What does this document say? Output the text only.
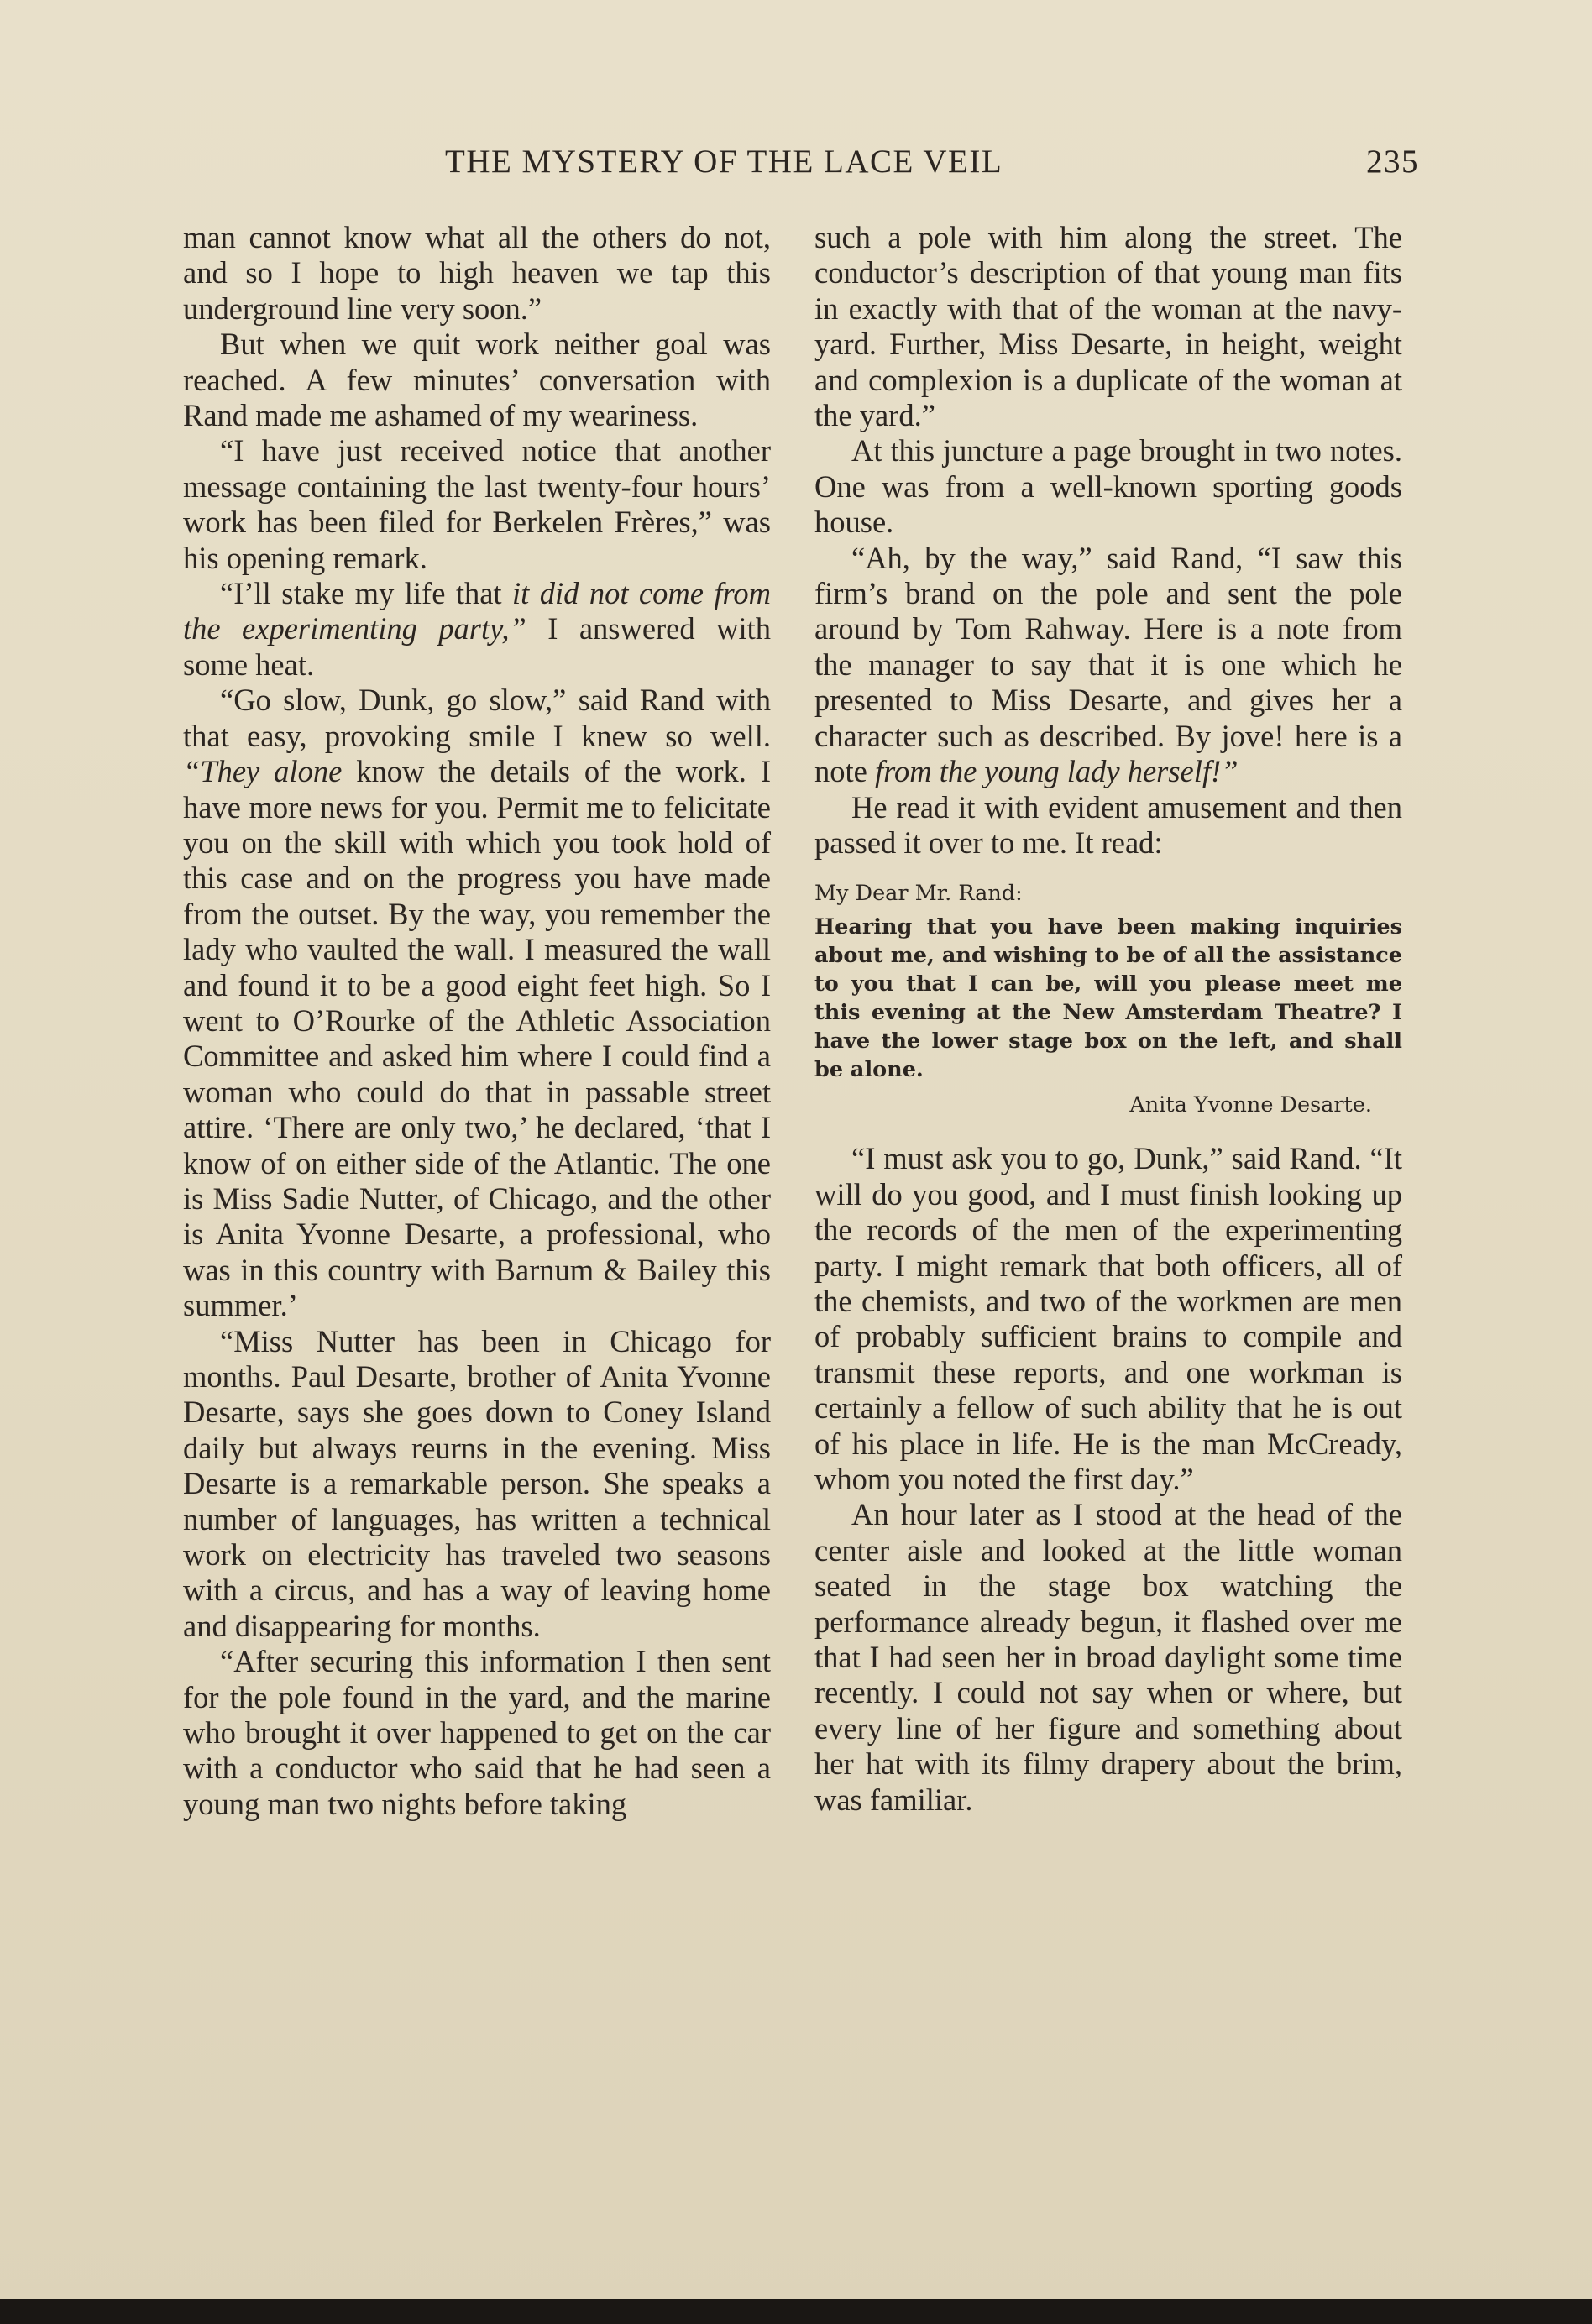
THE MYSTERY OF THE LACE VEIL	235

man cannot know what all the others do not, and so I hope to high heaven we tap this underground line very soon.”

But when we quit work neither goal was reached. A few minutes’ conversation with Rand made me ashamed of my weariness.

“I have just received notice that another message containing the last twenty-four hours’ work has been filed for Berkelen Frères,” was his opening remark.

“I’ll stake my life that it did not come from the experimenting party,” I answered with some heat.

“Go slow, Dunk, go slow,” said Rand with that easy, provoking smile I knew so well. “They alone know the details of the work. I have more news for you. Permit me to felicitate you on the skill with which you took hold of this case and on the progress you have made from the outset. By the way, you remember the lady who vaulted the wall. I measured the wall and found it to be a good eight feet high. So I went to O’Rourke of the Athletic Association Committee and asked him where I could find a woman who could do that in passable street attire. ‘There are only two,’ he declared, ‘that I know of on either side of the Atlantic. The one is Miss Sadie Nutter, of Chicago, and the other is Anita Yvonne Desarte, a professional, who was in this country with Barnum & Bailey this summer.’

“Miss Nutter has been in Chicago for months. Paul Desarte, brother of Anita Yvonne Desarte, says she goes down to Coney Island daily but always reurns in the evening. Miss Desarte is a remarkable person. She speaks a number of languages, has written a technical work on electricity has traveled two seasons with a circus, and has a way of leaving home and disappearing for months.

“After securing this information I then sent for the pole found in the yard, and the marine who brought it over happened to get on the car with a conductor who said that he had seen a young man two nights before taking

such a pole with him along the street. The conductor’s description of that young man fits in exactly with that of the woman at the navy-yard. Further, Miss Desarte, in height, weight and complexion is a duplicate of the woman at the yard.”

At this juncture a page brought in two notes. One was from a well-known sporting goods house.

“Ah, by the way,” said Rand, “I saw this firm’s brand on the pole and sent the pole around by Tom Rahway. Here is a note from the manager to say that it is one which he presented to Miss Desarte, and gives her a character such as described. By jove! here is a note from the young lady herself!”

He read it with evident amusement and then passed it over to me. It read:

My Dear Mr. Rand:

Hearing that you have been making inquiries about me, and wishing to be of all the assistance to you that I can be, will you please meet me this evening at the New Amsterdam Theatre? I have the lower stage box on the left, and shall be alone.

Anita Yvonne Desarte.

“I must ask you to go, Dunk,” said Rand. “It will do you good, and I must finish looking up the records of the men of the experimenting party. I might remark that both officers, all of the chemists, and two of the workmen are men of probably sufficient brains to compile and transmit these reports, and one workman is certainly a fellow of such ability that he is out of his place in life. He is the man McCready, whom you noted the first day.”

An hour later as I stood at the head of the center aisle and looked at the little woman seated in the stage box watching the performance already begun, it flashed over me that I had seen her in broad daylight some time recently. I could not say when or where, but every line of her figure and something about her hat with its filmy drapery about the brim, was familiar.
